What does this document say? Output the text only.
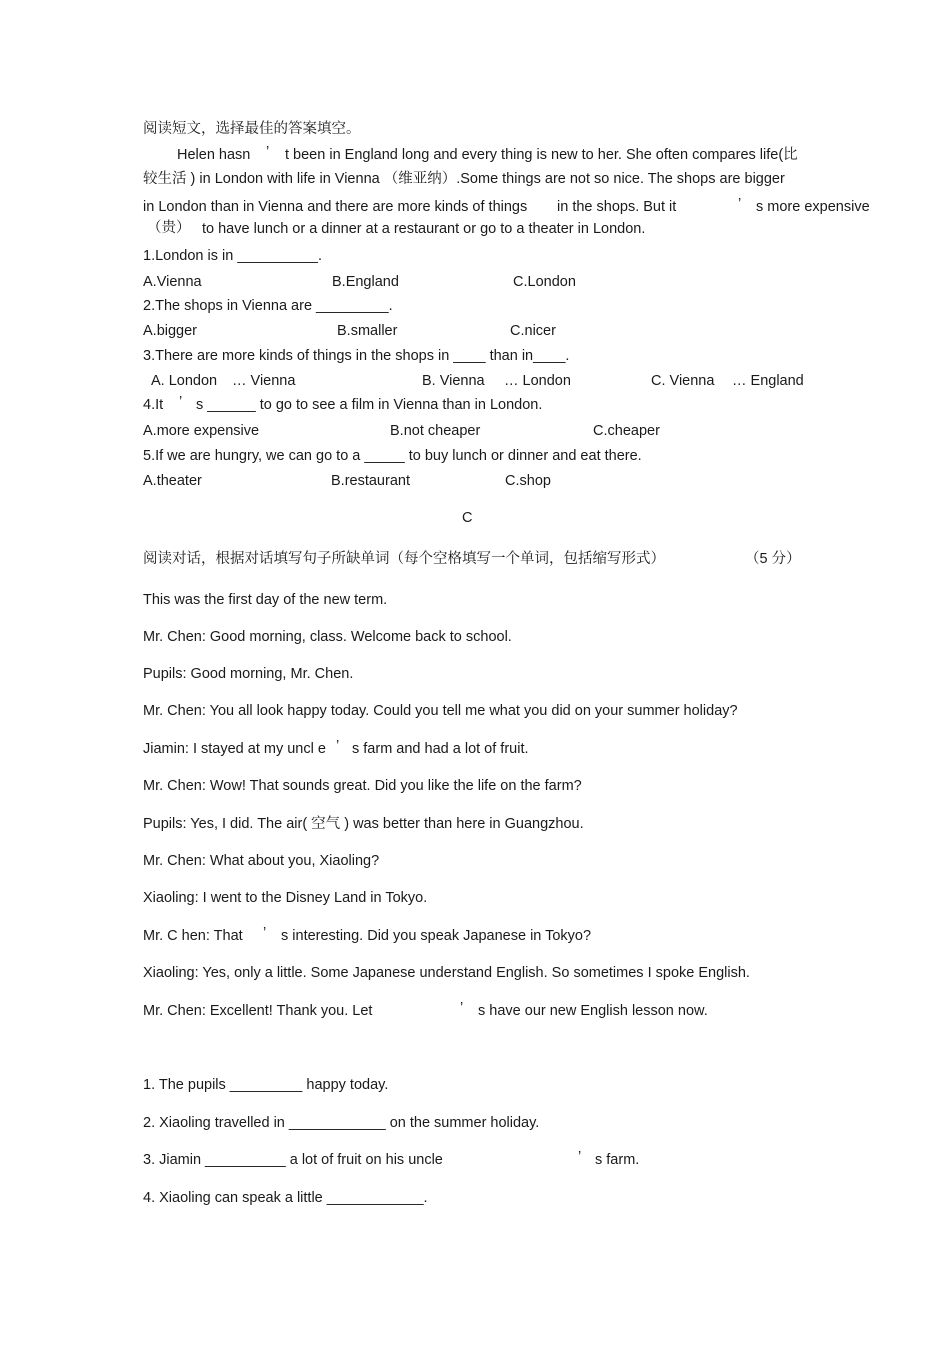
阅读短文，选择最佳的答案填空。
Helen hasn ’ t been in England long and every thing is new to her. She often compares life(比
较生活 ) in London with life in Vienna （维亚纳）.Some things are not so nice. The shops are bigger
in London than in Vienna and there are more kinds of things in the shops. But it	’ s more expensive
（贵） to have lunch or a dinner at a restaurant or go to a theater in London.
1.London is in __________.
A.Vienna	B.England	C.London
2.The shops in Vienna are _________.
A.bigger	B.smaller	C.nicer
3.There are more kinds of things in the shops in ____ than in____.
A. London … Vienna	B. Vienna … London	C. Vienna … England
4.It ’ s ______ to go to see a film in Vienna than in London.
A.more expensive	B.not cheaper	C.cheaper
5.If we are hungry, we can go to a _____ to buy lunch or dinner and eat there.
A.theater	B.restaurant	C.shop
C
阅读对话，根据对话填写句子所缺单词（每个空格填写一个单词，包括缩写形式）	（5 分）
This was the first day of the new term.
Mr. Chen: Good morning, class. Welcome back to school.
Pupils: Good morning, Mr. Chen.
Mr. Chen: You all look happy today. Could you tell me what you did on your summer holiday?
Jiamin: I stayed at my uncl e ’ s farm and had a lot of fruit.
Mr. Chen: Wow! That sounds great. Did you like the life on the farm?
Pupils: Yes, I did. The air( 空气 ) was better than here in Guangzhou.
Mr. Chen: What about you, Xiaoling?
Xiaoling: I went to the Disney Land in Tokyo.
Mr. C hen: That ’ s interesting. Did you speak Japanese in Tokyo?
Xiaoling: Yes, only a little. Some Japanese understand English. So sometimes I spoke English.
Mr. Chen: Excellent! Thank you. Let	’ s have our new English lesson now.
1. The pupils _________ happy today.
2. Xiaoling travelled in ____________ on the summer holiday.
3. Jiamin __________ a lot of fruit on his uncle	’ s farm.
4. Xiaoling can speak a little ____________.
